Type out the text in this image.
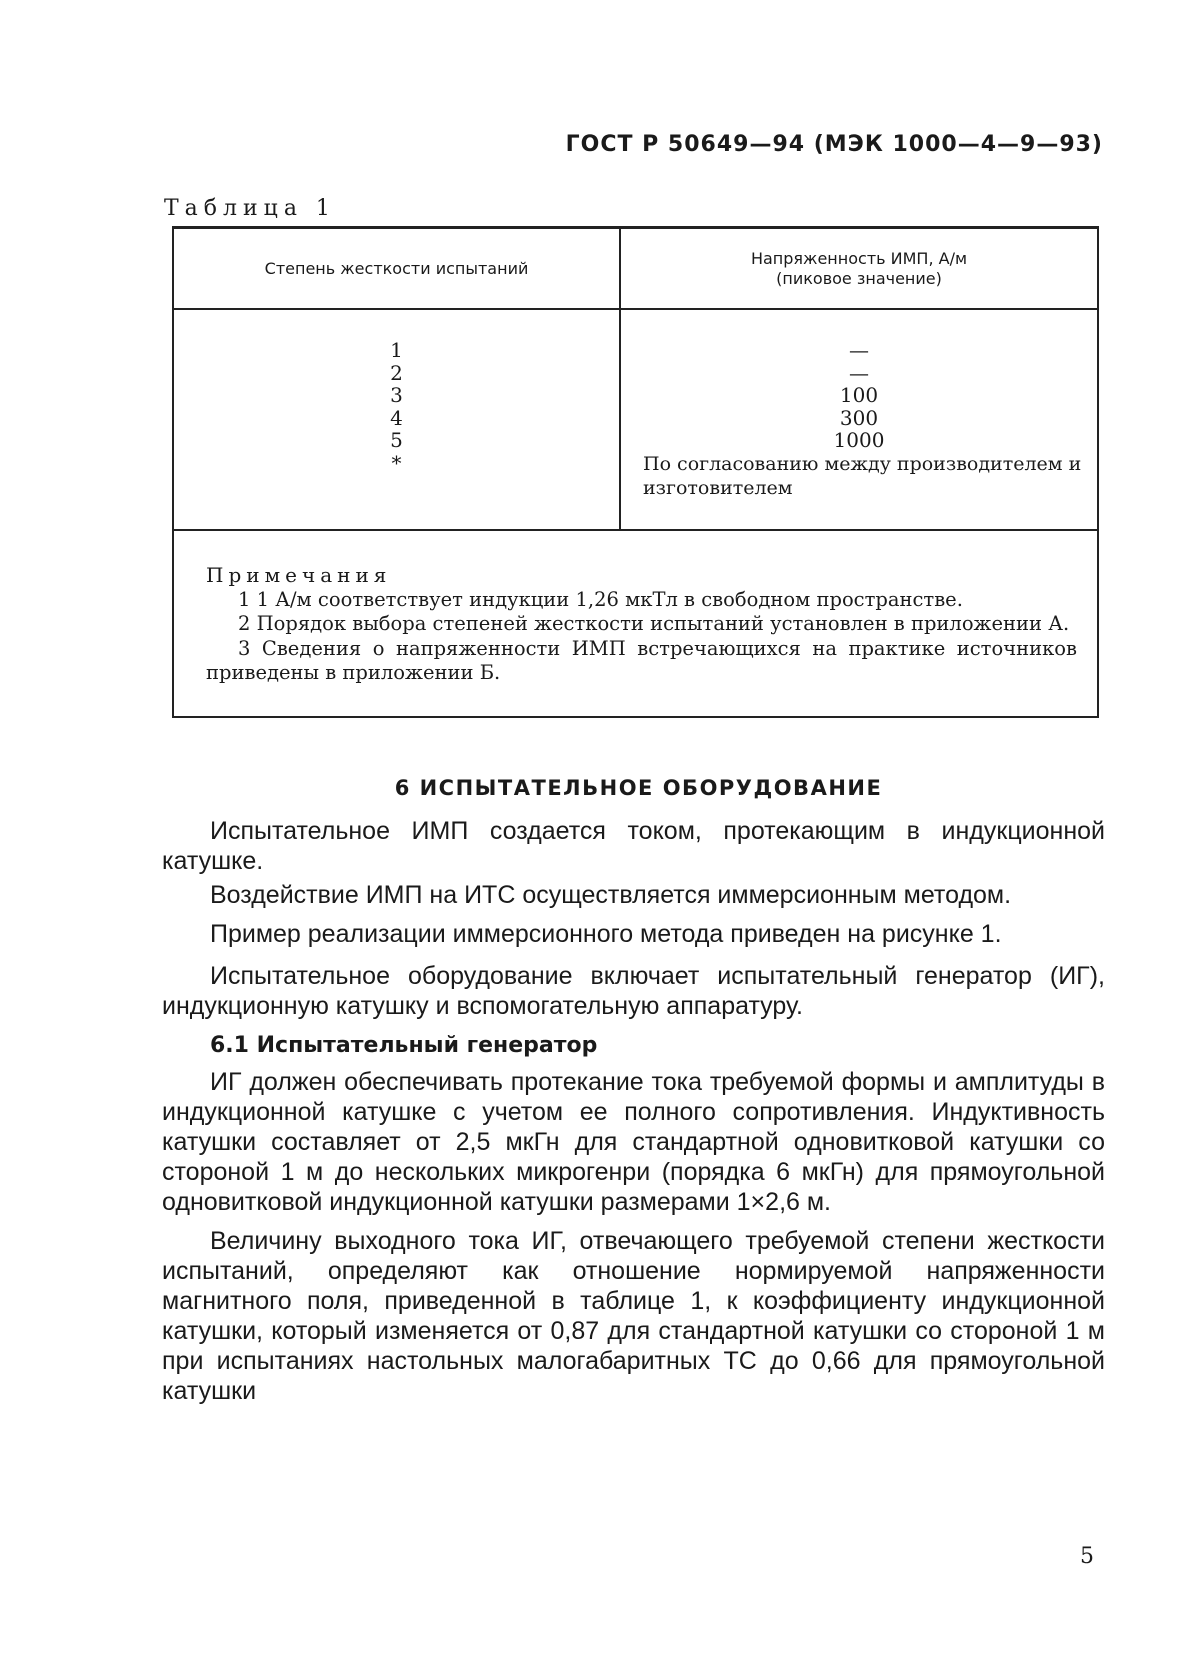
ГОСТ Р 50649—94 (МЭК 1000—4—9—93)
Таблица 1
Степень жесткости испытаний
Напряженность ИМП, А/м
(пиковое значение)
1
2
3
4
5
*
—
—
100
300
1000
По согласованию между производителем и изготовителем
Примечания
1 1 А/м соответствует индукции 1,26 мкТл в свободном пространстве.
2 Порядок выбора степеней жесткости испытаний установлен в приложении А.
3 Сведения о напряженности ИМП встречающихся на практике источников приведены в приложении Б.
6 ИСПЫТАТЕЛЬНОЕ ОБОРУДОВАНИЕ

Испытательное ИМП создается током, протекающим в индукционной катушке.

Воздействие ИМП на ИТС осуществляется иммерсионным методом.

Пример реализации иммерсионного метода приведен на рисунке 1.

Испытательное оборудование включает испытательный генератор (ИГ), индукционную катушку и вспомогательную аппаратуру.

6.1 Испытательный генератор

ИГ должен обеспечивать протекание тока требуемой формы и амплитуды в индукционной катушке с учетом ее полного сопротивления. Индуктивность катушки составляет от 2,5 мкГн для стандартной одновитковой катушки со стороной 1 м до нескольких микрогенри (порядка 6 мкГн) для прямоугольной одновитковой индукционной катушки размерами 1×2,6 м.

Величину выходного тока ИГ, отвечающего требуемой степени жесткости испытаний, определяют как отношение нормируемой напряженности магнитного поля, приведенной в таблице 1, к коэффициенту индукционной катушки, который изменяется от 0,87 для стандартной катушки со стороной 1 м при испытаниях настольных малогабаритных ТС до 0,66 для прямоугольной катушки

5
